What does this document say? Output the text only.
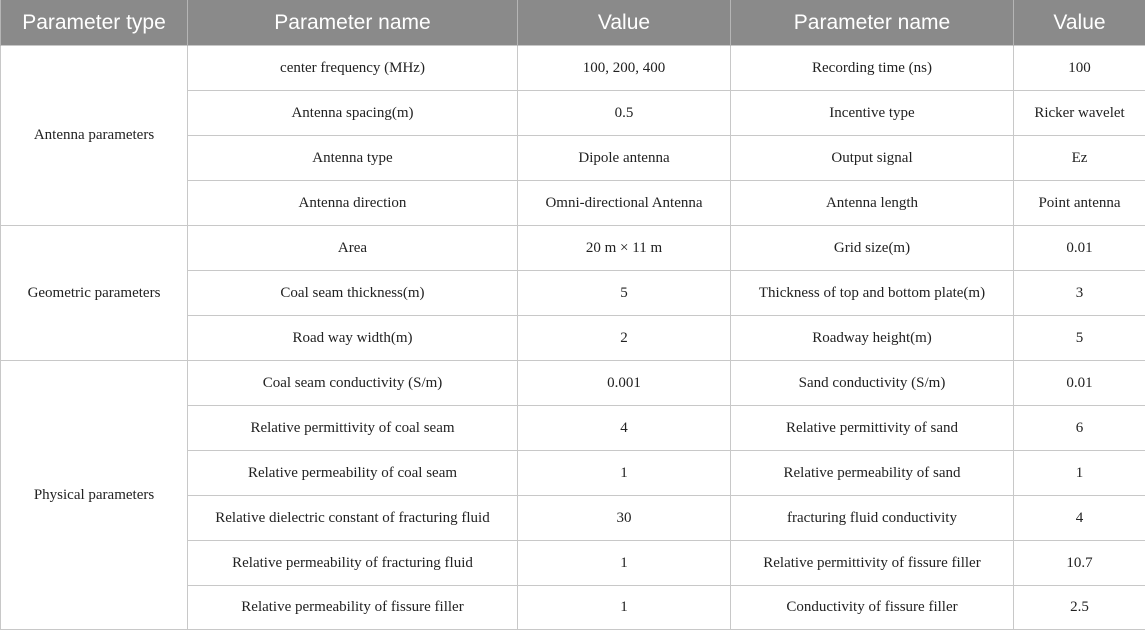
Parameter type	Parameter name	Value	Parameter name	Value
Antenna parameters	center frequency (MHz)	100, 200, 400	Recording time (ns)	100
	Antenna spacing(m)	0.5	Incentive type	Ricker wavelet
	Antenna type	Dipole antenna	Output signal	Ez
	Antenna direction	Omni-directional Antenna	Antenna length	Point antenna
Geometric parameters	Area	20 m × 11 m	Grid size(m)	0.01
	Coal seam thickness(m)	5	Thickness of top and bottom plate(m)	3
	Road way width(m)	2	Roadway height(m)	5
Physical parameters	Coal seam conductivity (S/m)	0.001	Sand conductivity (S/m)	0.01
	Relative permittivity of coal seam	4	Relative permittivity of sand	6
	Relative permeability of coal seam	1	Relative permeability of sand	1
	Relative dielectric constant of fracturing fluid	30	fracturing fluid conductivity	4
	Relative permeability of fracturing fluid	1	Relative permittivity of fissure filler	10.7
	Relative permeability of fissure filler	1	Conductivity of fissure filler	2.5
